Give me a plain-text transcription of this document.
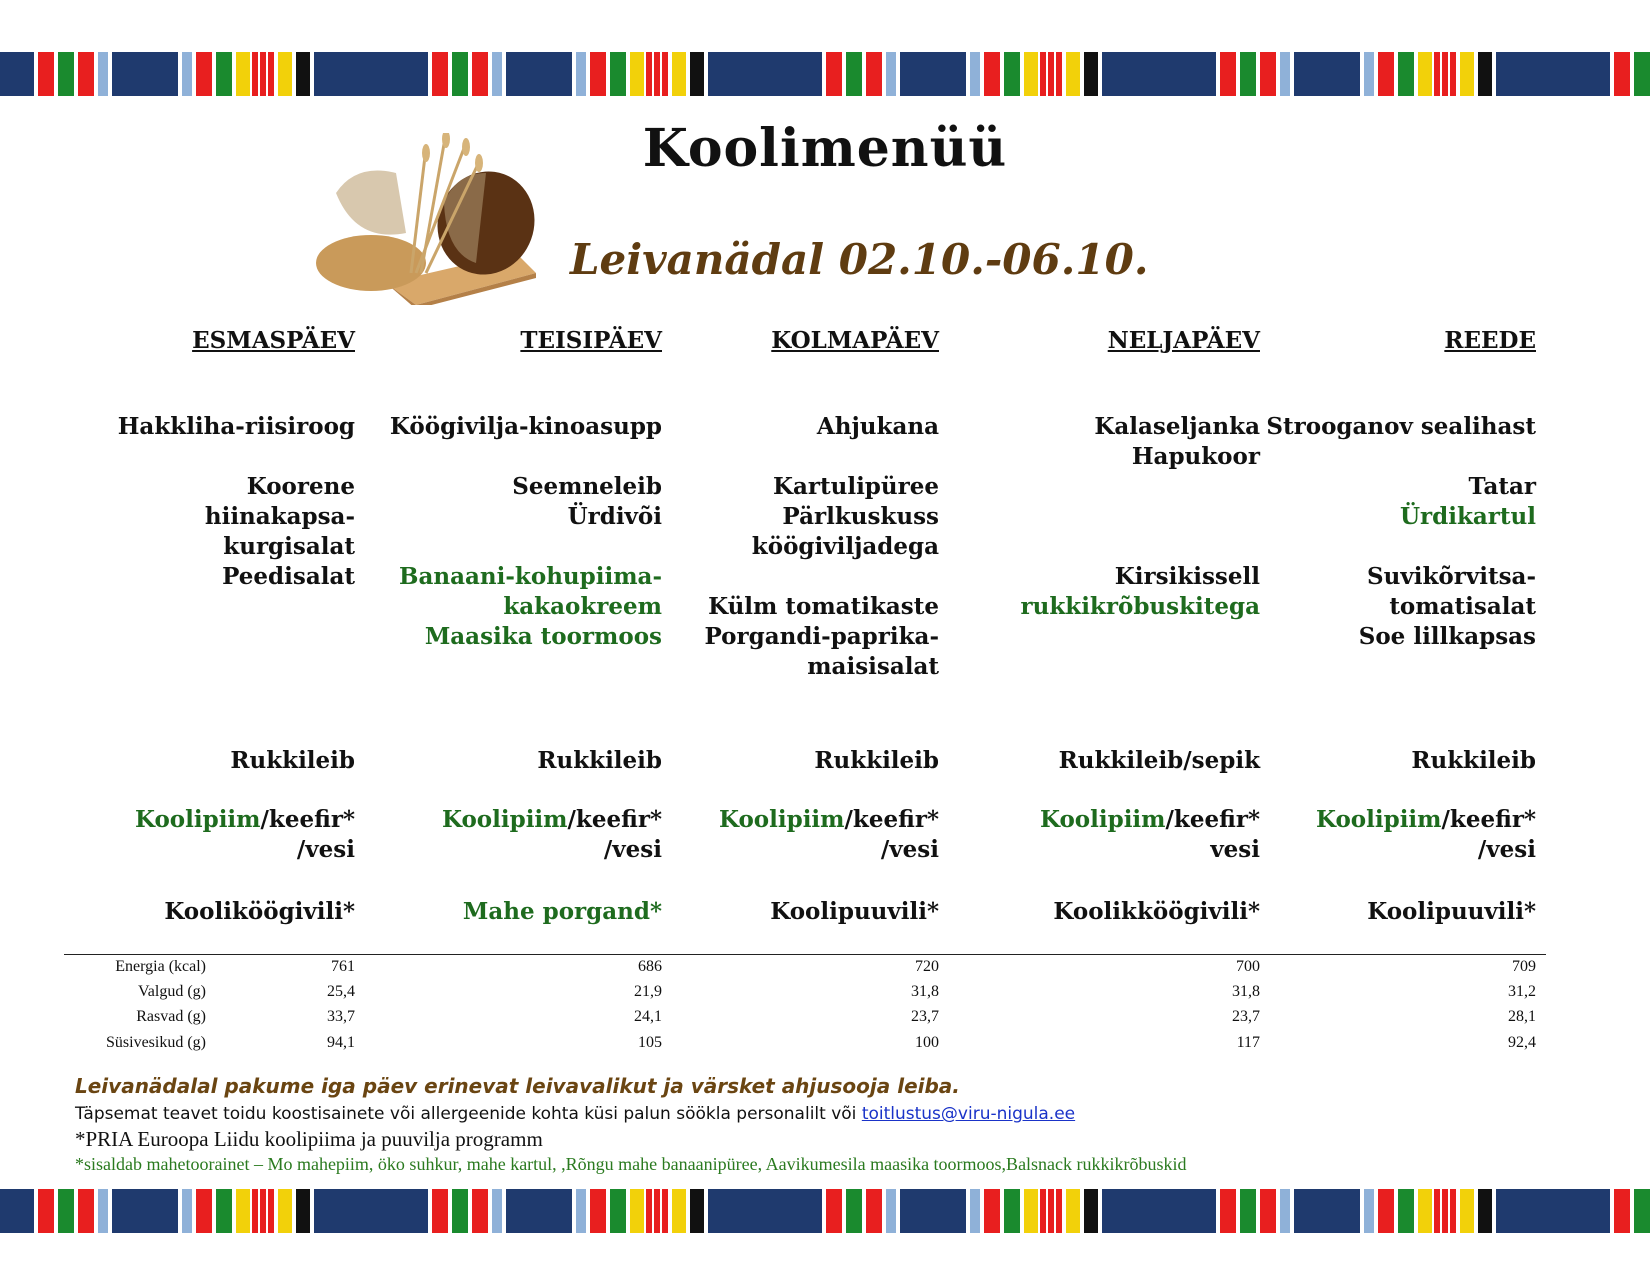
Koolimenüü
Leivanädal 02.10.-06.10.
ESMASPÄEV
Hakkliha-riisiroog
Koorene
hiinakapsa-
kurgisalat
Peedisalat
Rukkileib
Koolipiim/keefir*
/vesi
Kooliköögivili*
TEISIPÄEV
Köögivilja-kinoasupp
Seemneleib
Ürdivõi
Banaani-kohupiima-
kakaokreem
Maasika toormoos
Rukkileib
Koolipiim/keefir*
/vesi
Mahe porgand*
KOLMAPÄEV
Ahjukana
Kartulipüree
Pärlkuskuss
köögiviljadega
Külm tomatikaste
Porgandi-paprika-
maisisalat
Rukkileib
Koolipiim/keefir*
/vesi
Koolipuuvili*
NELJAPÄEV
Kalaseljanka
Hapukoor
Kirsikissell
rukkikrõbuskitega
Rukkileib/sepik
Koolipiim/keefir*
vesi
Koolikköögivili*
REEDE
Strooganov sealihast
Tatar
Ürdikartul
Suvikõrvitsa-
tomatisalat
Soe lillkapsas
Rukkileib
Koolipiim/keefir*
/vesi
Koolipuuvili*
Energia (kcal)	761	686	720	700	709
Valgud (g)	25,4	21,9	31,8	31,8	31,2
Rasvad (g)	33,7	24,1	23,7	23,7	28,1
Süsivesikud (g)	94,1	105	100	117	92,4
Leivanädalal pakume iga päev erinevat leivavalikut ja värsket ahjusooja leiba.
Täpsemat teavet toidu koostisainete või allergeenide kohta küsi palun söökla personalilt või toitlustus@viru-nigula.ee
*PRIA Euroopa Liidu koolipiima ja puuvilja programm
*sisaldab mahetoorainet – Mo mahepiim, öko suhkur, mahe kartul, ,Rõngu mahe banaanipüree, Aavikumesila maasika toormoos,Balsnack rukkikrõbuskid
